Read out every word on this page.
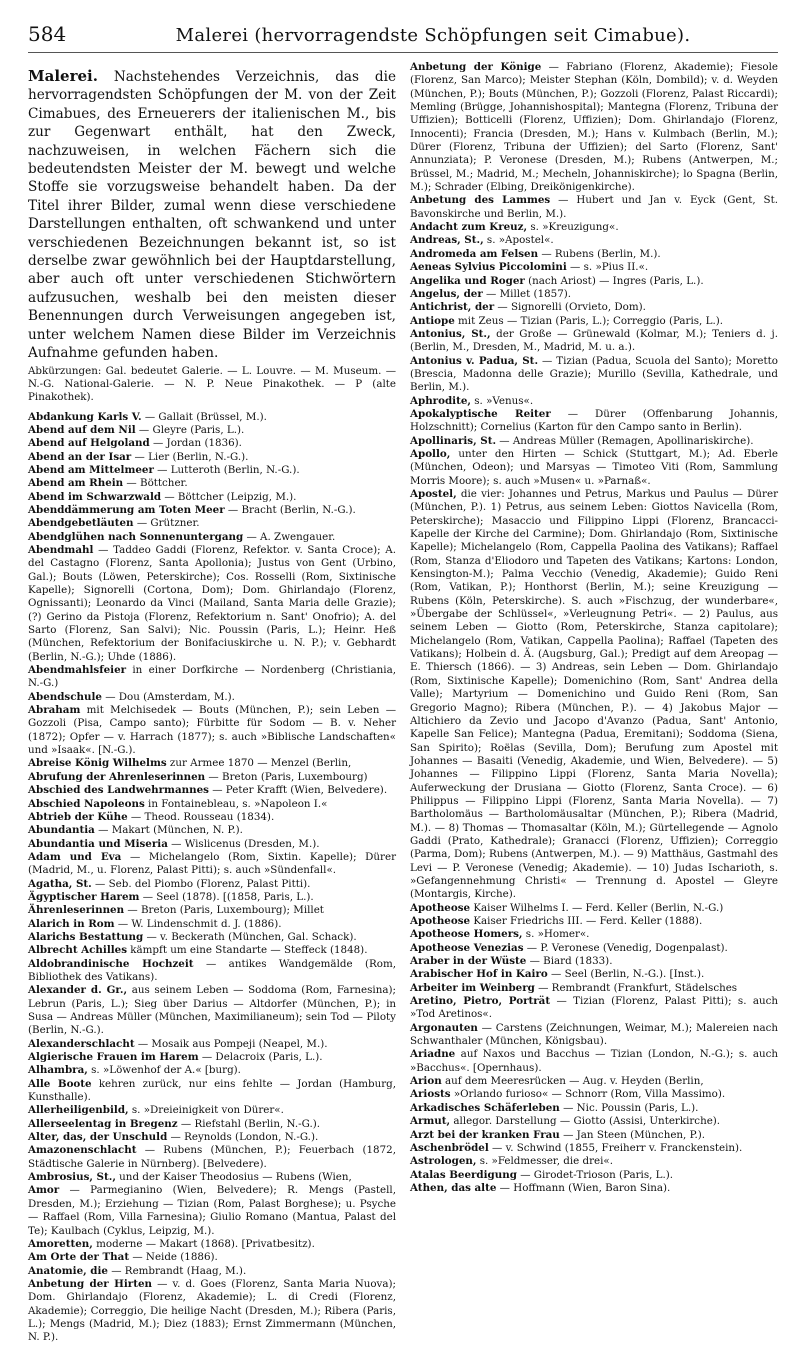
584	Malerei (hervorragendste Schöpfungen seit Cimabue).

Malerei. Nachstehendes Verzeichnis, das die hervorragendsten Schöpfungen der M. von der Zeit Cimabues, des Erneuerers der italienischen M., bis zur Gegenwart enthält, hat den Zweck, nachzuweisen, in welchen Fächern sich die bedeutendsten Meister der M. bewegt und welche Stoffe sie vorzugsweise behandelt haben. Da der Titel ihrer Bilder, zumal wenn diese verschiedene Darstellungen enthalten, oft schwankend und unter verschiedenen Bezeichnungen bekannt ist, so ist derselbe zwar gewöhnlich bei der Hauptdarstellung, aber auch oft unter verschiedenen Stichwörtern aufzusuchen, weshalb bei den meisten dieser Benennungen durch Verweisungen angegeben ist, unter welchem Namen diese Bilder im Verzeichnis Aufnahme gefunden haben.

Abkürzungen: Gal. bedeutet Galerie. — L. Louvre. — M. Museum. — N.-G. National-Galerie. — N. P. Neue Pinakothek. — P (alte Pinakothek).

Abdankung Karls V. — Gallait (Brüssel, M.).

Abend auf dem Nil — Gleyre (Paris, L.).

Abend auf Helgoland — Jordan (1836).

Abend an der Isar — Lier (Berlin, N.-G.).

Abend am Mittelmeer — Lutteroth (Berlin, N.-G.).

Abend am Rhein — Böttcher.

Abend im Schwarzwald — Böttcher (Leipzig, M.).

Abenddämmerung am Toten Meer — Bracht (Berlin, N.-G.).

Abendgebetläuten — Grützner.

Abendglühen nach Sonnenuntergang — A. Zwengauer.

Abendmahl — Taddeo Gaddi (Florenz, Refektor. v. Santa Croce); A. del Castagno (Florenz, Santa Apollonia); Justus von Gent (Urbino, Gal.); Bouts (Löwen, Peterskirche); Cos. Rosselli (Rom, Sixtinische Kapelle); Signorelli (Cortona, Dom); Dom. Ghirlandajo (Florenz, Ognissanti); Leonardo da Vinci (Mailand, Santa Maria delle Grazie); (?) Gerino da Pistoja (Florenz, Refektorium n. Sant' Onofrio); A. del Sarto (Florenz, San Salvi); Nic. Poussin (Paris, L.); Heinr. Heß (München, Refektorium der Bonifaciuskirche u. N. P.); v. Gebhardt (Berlin, N.-G.); Uhde (1886).

Abendmahlsfeier in einer Dorfkirche — Nordenberg (Christiania, N.-G.)

Abendschule — Dou (Amsterdam, M.).

Abraham mit Melchisedek — Bouts (München, P.); sein Leben — Gozzoli (Pisa, Campo santo); Fürbitte für Sodom — B. v. Neher (1872); Opfer — v. Harrach (1877); s. auch »Biblische Landschaften« und »Isaak«. [N.-G.).

Abreise König Wilhelms zur Armee 1870 — Menzel (Berlin,

Abrufung der Ahrenleserinnen — Breton (Paris, Luxembourg)

Abschied des Landwehrmannes — Peter Krafft (Wien, Belvedere).

Abschied Napoleons in Fontainebleau, s. »Napoleon I.«

Abtrieb der Kühe — Theod. Rousseau (1834).

Abundantia — Makart (München, N. P.).

Abundantia und Miseria — Wislicenus (Dresden, M.).

Adam und Eva — Michelangelo (Rom, Sixtin. Kapelle); Dürer (Madrid, M., u. Florenz, Palast Pitti); s. auch »Sündenfall«.

Agatha, St. — Seb. del Piombo (Florenz, Palast Pitti).

Ägyptischer Harem — Seel (1878). [(1858, Paris, L.).

Ährenleserinnen — Breton (Paris, Luxembourg); Millet

Alarich in Rom — W. Lindenschmit d. J. (1886).

Alarichs Bestattung — v. Beckerath (München, Gal. Schack).

Albrecht Achilles kämpft um eine Standarte — Steffeck (1848).

Aldobrandinische Hochzeit — antikes Wandgemälde (Rom, Bibliothek des Vatikans).

Alexander d. Gr., aus seinem Leben — Soddoma (Rom, Farnesina); Lebrun (Paris, L.); Sieg über Darius — Altdorfer (München, P.); in Susa — Andreas Müller (München, Maximilianeum); sein Tod — Piloty (Berlin, N.-G.).

Alexanderschlacht — Mosaik aus Pompeji (Neapel, M.).

Algierische Frauen im Harem — Delacroix (Paris, L.).

Alhambra, s. »Löwenhof der A.« [burg).

Alle Boote kehren zurück, nur eins fehlte — Jordan (Hamburg, Kunsthalle).

Allerheiligenbild, s. »Dreieinigkeit von Dürer«.

Allerseelentag in Bregenz — Riefstahl (Berlin, N.-G.).

Alter, das, der Unschuld — Reynolds (London, N.-G.).

Amazonenschlacht — Rubens (München, P.); Feuerbach (1872, Städtische Galerie in Nürnberg). [Belvedere).

Ambrosius, St., und der Kaiser Theodosius — Rubens (Wien,

Amor — Parmegianino (Wien, Belvedere); R. Mengs (Pastell, Dresden, M.); Erziehung — Tizian (Rom, Palast Borghese); u. Psyche — Raffael (Rom, Villa Farnesina); Giulio Romano (Mantua, Palast del Te); Kaulbach (Cyklus, Leipzig, M.).

Amoretten, moderne — Makart (1868). [Privatbesitz).

Am Orte der That — Neide (1886).

Anatomie, die — Rembrandt (Haag, M.).

Anbetung der Hirten — v. d. Goes (Florenz, Santa Maria Nuova); Dom. Ghirlandajo (Florenz, Akademie); L. di Credi (Florenz, Akademie); Correggio, Die heilige Nacht (Dresden, M.); Ribera (Paris, L.); Mengs (Madrid, M.); Diez (1883); Ernst Zimmermann (München, N. P.).

Anbetung der Könige — Fabriano (Florenz, Akademie); Fiesole (Florenz, San Marco); Meister Stephan (Köln, Dombild); v. d. Weyden (München, P.); Bouts (München, P.); Gozzoli (Florenz, Palast Riccardi); Memling (Brügge, Johannishospital); Mantegna (Florenz, Tribuna der Uffizien); Botticelli (Florenz, Uffizien); Dom. Ghirlandajo (Florenz, Innocenti); Francia (Dresden, M.); Hans v. Kulmbach (Berlin, M.); Dürer (Florenz, Tribuna der Uffizien); del Sarto (Florenz, Sant' Annunziata); P. Veronese (Dresden, M.); Rubens (Antwerpen, M.; Brüssel, M.; Madrid, M.; Mecheln, Johanniskirche); lo Spagna (Berlin, M.); Schrader (Elbing, Dreikönigenkirche).

Anbetung des Lammes — Hubert und Jan v. Eyck (Gent, St. Bavonskirche und Berlin, M.).

Andacht zum Kreuz, s. »Kreuzigung«.

Andreas, St., s. »Apostel«.

Andromeda am Felsen — Rubens (Berlin, M.).

Aeneas Sylvius Piccolomini — s. »Pius II.«.

Angelika und Roger (nach Ariost) — Ingres (Paris, L.).

Angelus, der — Millet (1857).

Antichrist, der — Signorelli (Orvieto, Dom).

Antiope mit Zeus — Tizian (Paris, L.); Correggio (Paris, L.).

Antonius, St., der Große — Grünewald (Kolmar, M.); Teniers d. j. (Berlin, M., Dresden, M., Madrid, M. u. a.).

Antonius v. Padua, St. — Tizian (Padua, Scuola del Santo); Moretto (Brescia, Madonna delle Grazie); Murillo (Sevilla, Kathedrale, und Berlin, M.).

Aphrodite, s. »Venus«.

Apokalyptische Reiter — Dürer (Offenbarung Johannis, Holzschnitt); Cornelius (Karton für den Campo santo in Berlin).

Apollinaris, St. — Andreas Müller (Remagen, Apollinariskirche).

Apollo, unter den Hirten — Schick (Stuttgart, M.); Ad. Eberle (München, Odeon); und Marsyas — Timoteo Viti (Rom, Sammlung Morris Moore); s. auch »Musen« u. »Parnaß«.

Apostel, die vier: Johannes und Petrus, Markus und Paulus — Dürer (München, P.). 1) Petrus, aus seinem Leben: Giottos Navicella (Rom, Peterskirche); Masaccio und Filippino Lippi (Florenz, Brancacci-Kapelle der Kirche del Carmine); Dom. Ghirlandajo (Rom, Sixtinische Kapelle); Michelangelo (Rom, Cappella Paolina des Vatikans); Raffael (Rom, Stanza d'Eliodoro und Tapeten des Vatikans; Kartons: London, Kensington-M.); Palma Vecchio (Venedig, Akademie); Guido Reni (Rom, Vatikan, P.); Honthorst (Berlin, M.); seine Kreuzigung — Rubens (Köln, Peterskirche). S. auch »Fischzug, der wunderbare«, »Übergabe der Schlüssel«, »Verleugnung Petri«. — 2) Paulus, aus seinem Leben — Giotto (Rom, Peterskirche, Stanza capitolare); Michelangelo (Rom, Vatikan, Cappella Paolina); Raffael (Tapeten des Vatikans); Holbein d. Ä. (Augsburg, Gal.); Predigt auf dem Areopag — E. Thiersch (1866). — 3) Andreas, sein Leben — Dom. Ghirlandajo (Rom, Sixtinische Kapelle); Domenichino (Rom, Sant' Andrea della Valle); Martyrium — Domenichino und Guido Reni (Rom, San Gregorio Magno); Ribera (München, P.). — 4) Jakobus Major — Altichiero da Zevio und Jacopo d'Avanzo (Padua, Sant' Antonio, Kapelle San Felice); Mantegna (Padua, Eremitani); Soddoma (Siena, San Spirito); Roëlas (Sevilla, Dom); Berufung zum Apostel mit Johannes — Basaiti (Venedig, Akademie, und Wien, Belvedere). — 5) Johannes — Filippino Lippi (Florenz, Santa Maria Novella); Auferweckung der Drusiana — Giotto (Florenz, Santa Croce). — 6) Philippus — Filippino Lippi (Florenz, Santa Maria Novella). — 7) Bartholomäus — Bartholomäusaltar (München, P.); Ribera (Madrid, M.). — 8) Thomas — Thomasaltar (Köln, M.); Gürtellegende — Agnolo Gaddi (Prato, Kathedrale); Granacci (Florenz, Uffizien); Correggio (Parma, Dom); Rubens (Antwerpen, M.). — 9) Matthäus, Gastmahl des Levi — P. Veronese (Venedig; Akademie). — 10) Judas Ischarioth, s. »Gefangennehmung Christi« — Trennung d. Apostel — Gleyre (Montargis, Kirche).

Apotheose Kaiser Wilhelms I. — Ferd. Keller (Berlin, N.-G.)

Apotheose Kaiser Friedrichs III. — Ferd. Keller (1888).

Apotheose Homers, s. »Homer«.

Apotheose Venezias — P. Veronese (Venedig, Dogenpalast).

Araber in der Wüste — Biard (1833).

Arabischer Hof in Kairo — Seel (Berlin, N.-G.). [Inst.).

Arbeiter im Weinberg — Rembrandt (Frankfurt, Städelsches

Aretino, Pietro, Porträt — Tizian (Florenz, Palast Pitti); s. auch »Tod Aretinos«.

Argonauten — Carstens (Zeichnungen, Weimar, M.); Malereien nach Schwanthaler (München, Königsbau).

Ariadne auf Naxos und Bacchus — Tizian (London, N.-G.); s. auch »Bacchus«. [Opernhaus).

Arion auf dem Meeresrücken — Aug. v. Heyden (Berlin,

Ariosts »Orlando furioso« — Schnorr (Rom, Villa Massimo).

Arkadisches Schäferleben — Nic. Poussin (Paris, L.).

Armut, allegor. Darstellung — Giotto (Assisi, Unterkirche).

Arzt bei der kranken Frau — Jan Steen (München, P.).

Aschenbrödel — v. Schwind (1855, Freiherr v. Franckenstein).

Astrologen, s. »Feldmesser, die drei«.

Atalas Beerdigung — Girodet-Trioson (Paris, L.).

Athen, das alte — Hoffmann (Wien, Baron Sina).
